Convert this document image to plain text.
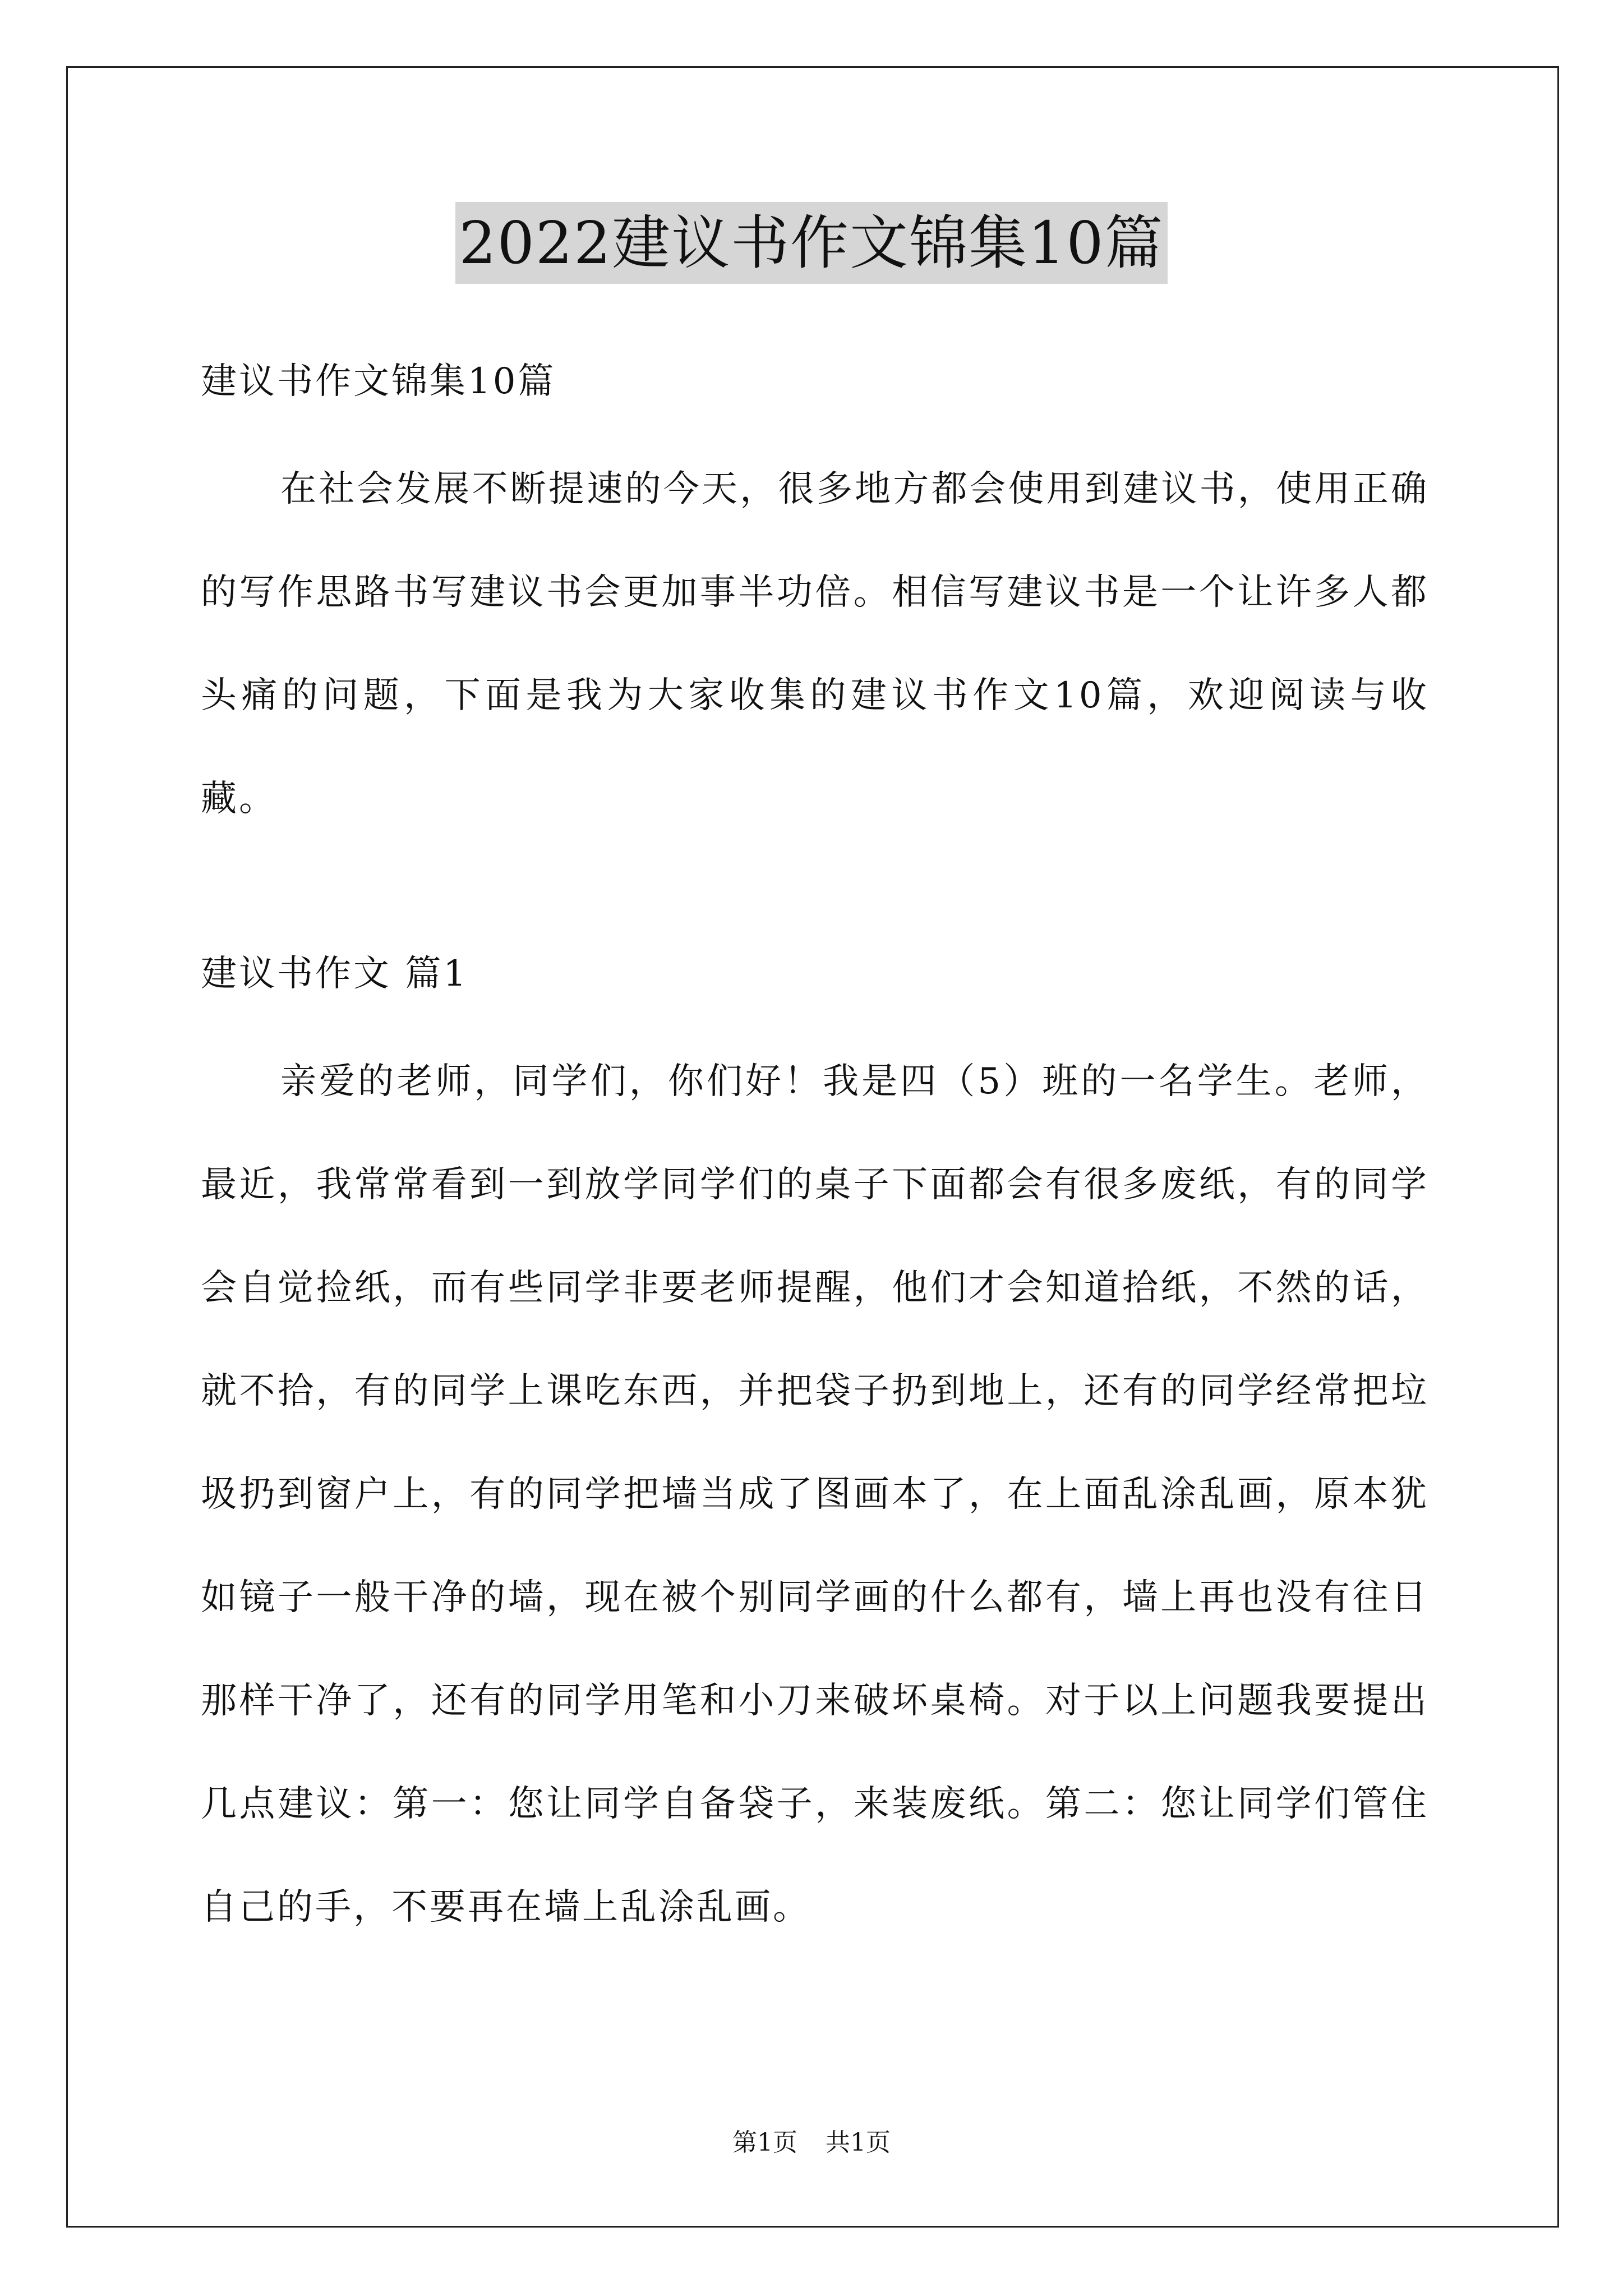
2022建议书作文锦集10篇

建议书作文锦集10篇

在社会发展不断提速的今天，很多地方都会使用到建议书，使用正确的写作思路书写建议书会更加事半功倍。相信写建议书是一个让许多人都头痛的问题，下面是我为大家收集的建议书作文10篇，欢迎阅读与收藏。

建议书作文 篇1

亲爱的老师，同学们，你们好！我是四（5）班的一名学生。老师，最近，我常常看到一到放学同学们的桌子下面都会有很多废纸，有的同学会自觉捡纸，而有些同学非要老师提醒，他们才会知道拾纸，不然的话，就不拾，有的同学上课吃东西，并把袋子扔到地上，还有的同学经常把垃圾扔到窗户上，有的同学把墙当成了图画本了，在上面乱涂乱画，原本犹如镜子一般干净的墙，现在被个别同学画的什么都有，墙上再也没有往日那样干净了，还有的同学用笔和小刀来破坏桌椅。对于以上问题我要提出几点建议：第一：您让同学自备袋子，来装废纸。第二：您让同学们管住自己的手，不要再在墙上乱涂乱画。

第1页 共1页
